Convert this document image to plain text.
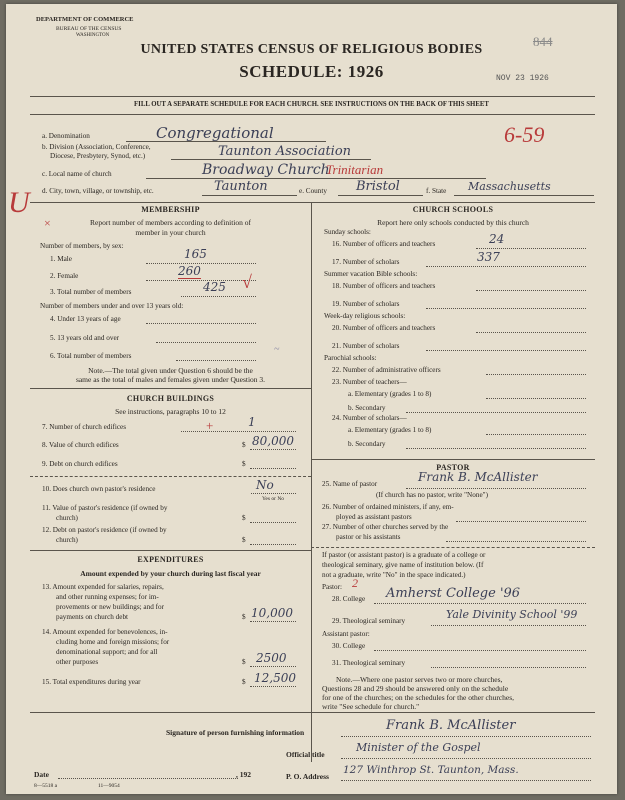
DEPARTMENT OF COMMERCE
BUREAU OF THE CENSUS
WASHINGTON
UNITED STATES CENSUS OF RELIGIOUS BODIES
SCHEDULE: 1926
844
NOV 23 1926
FILL OUT A SEPARATE SCHEDULE FOR EACH CHURCH. SEE INSTRUCTIONS ON THE BACK OF THIS SHEET
6-59
U
a. Denomination	Congregational
b. Division (Association, Conference,
Diocese, Presbytery, Synod, etc.)	Taunton Association
c. Local name of church	Broadway Church
Trinitarian
d. City, town, village, or township, etc.	Taunton	e. County Bristol	f. State Massachusetts
MEMBERSHIP
Report number of members according to definition of
member in your church
×
Number of members, by sex:
1. Male	165
2. Female	260
3. Total number of members	425 √
Number of members under and over 13 years old:
4. Under 13 years of age
5. 13 years old and over
6. Total number of members
Note.—The total given under Question 6 should be the
same as the total of males and females given under Question 3.
CHURCH BUILDINGS
See instructions, paragraphs 10 to 12
7. Number of church edifices	+	1
8. Value of church edifices	$ 80,000
9. Debt on church edifices	$
10. Does church own pastor's residence	No
Yes or No
11. Value of pastor's residence (if owned by
church)	$
12. Debt on pastor's residence (if owned by
church)	$
EXPENDITURES
Amount expended by your church during last fiscal year
13. Amount expended for salaries, repairs,
and other running expenses; for im-
provements or new buildings; and for
payments on church debt	$ 10,000
14. Amount expended for benevolences, in-
cluding home and foreign missions; for
denominational support; and for all
other purposes	$ 2500
15. Total expenditures during year	$ 12,500
CHURCH SCHOOLS
Report here only schools conducted by this church
Sunday schools:
16. Number of officers and teachers	24
17. Number of scholars	337
Summer vacation Bible schools:
18. Number of officers and teachers
19. Number of scholars
Week-day religious schools:
20. Number of officers and teachers
21. Number of scholars
Parochial schools:
22. Number of administrative officers
23. Number of teachers—
a. Elementary (grades 1 to 8)
b. Secondary
24. Number of scholars—
a. Elementary (grades 1 to 8)
b. Secondary
PASTOR
25. Name of pastor	Frank B. McAllister
(If church has no pastor, write "None")
26. Number of ordained ministers, if any, em-
ployed as assistant pastors
27. Number of other churches served by the
pastor or his assistants
If pastor (or assistant pastor) is a graduate of a college or
theological seminary, give name of institution below. (If
not a graduate, write "No" in the space indicated.)
Pastor: 2
28. College Amherst College '96
29. Theological seminary	Yale Divinity School '99
Assistant pastor:
30. College
31. Theological seminary
Note.—Where one pastor serves two or more churches,
Questions 28 and 29 should be answered only on the schedule
for one of the churches; on the schedules for the other churches,
write "See schedule for church."
Signature of person furnishing information	Frank B. McAllister
Official title
Minister of the Gospel
Date	, 192	P. O. Address
127 Winthrop St. Taunton, Mass.
8—5518 a	11—9054
~
